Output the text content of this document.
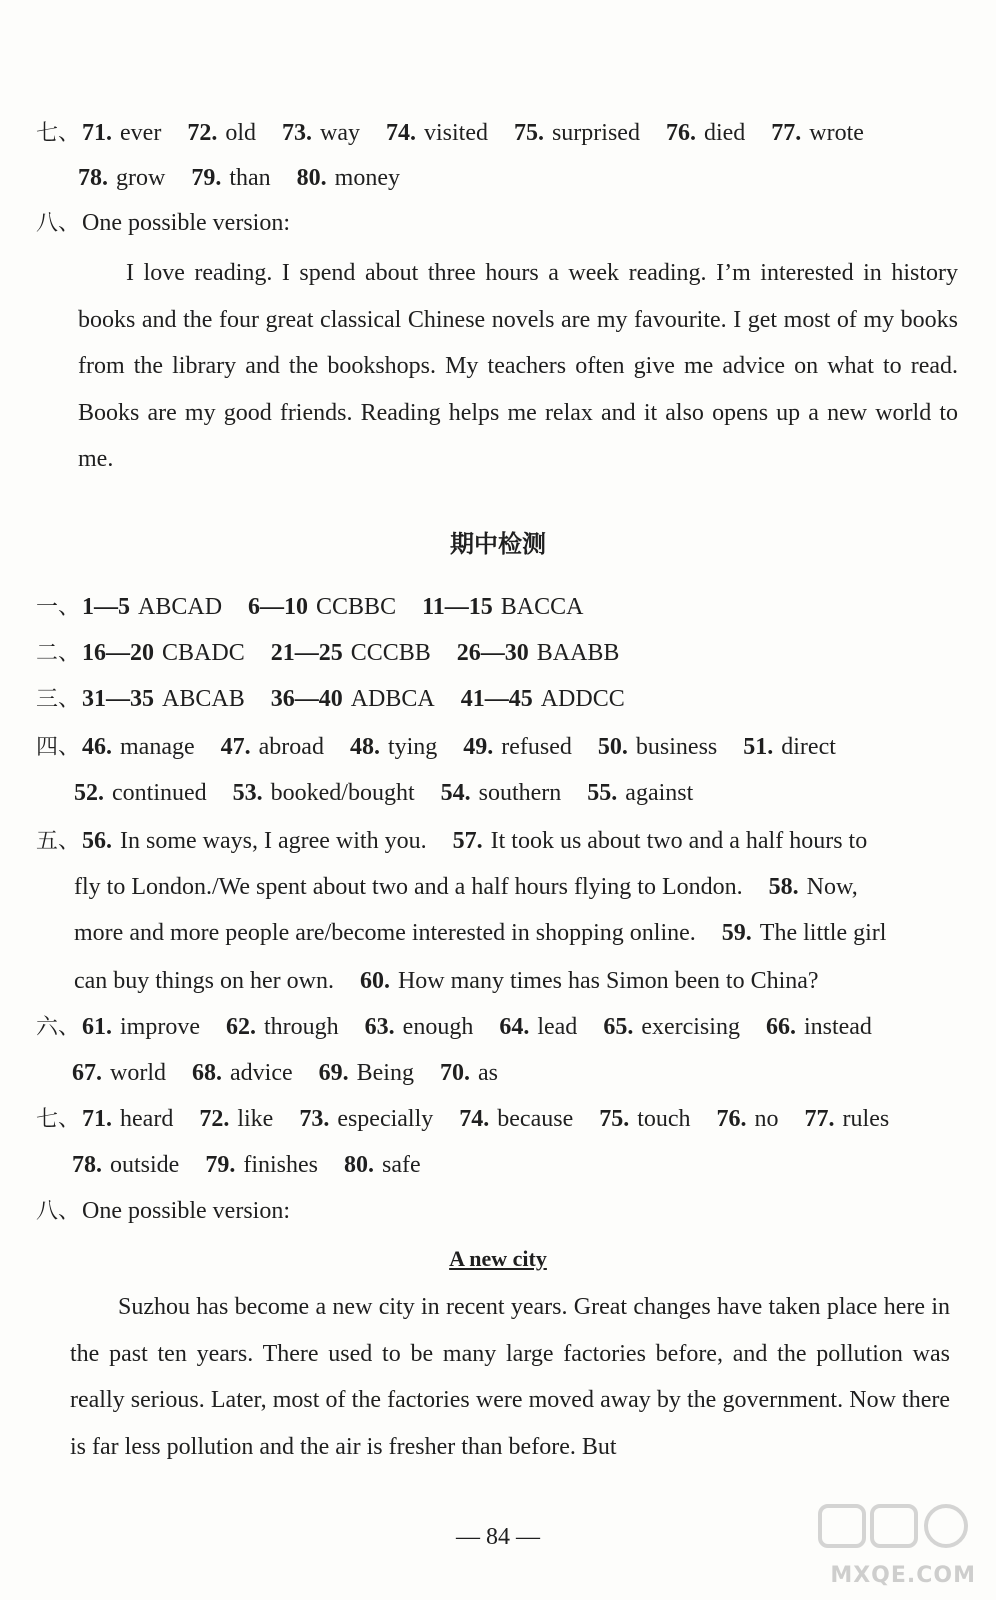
七、71. ever 72. old 73. way 74. visited 75. surprised 76. died 77. wrote
78. grow 79. than 80. money
八、One possible version:
I love reading. I spend about three hours a week reading. I’m interested in history books and the four great classical Chinese novels are my favourite. I get most of my books from the library and the bookshops. My teachers often give me advice on what to read. Books are my good friends. Reading helps me relax and it also opens up a new world to me.
期中检测
一、1—5 ABCAD 6—10 CCBBC 11—15 BACCA
二、16—20 CBADC 21—25 CCCBB 26—30 BAABB
三、31—35 ABCAB 36—40 ADBCA 41—45 ADDCC
四、46. manage 47. abroad 48. tying 49. refused 50. business 51. direct
52. continued 53. booked/bought 54. southern 55. against
五、56. In some ways, I agree with you. 57. It took us about two and a half hours to
fly to London./We spent about two and a half hours flying to London. 58. Now,
more and more people are/become interested in shopping online. 59. The little girl
can buy things on her own. 60. How many times has Simon been to China?
六、61. improve 62. through 63. enough 64. lead 65. exercising 66. instead
67. world 68. advice 69. Being 70. as
七、71. heard 72. like 73. especially 74. because 75. touch 76. no 77. rules
78. outside 79. finishes 80. safe
八、One possible version:
A new city
Suzhou has become a new city in recent years. Great changes have taken place here in the past ten years. There used to be many large factories before, and the pollution was really serious. Later, most of the factories were moved away by the government. Now there is far less pollution and the air is fresher than before. But
— 84 —
MXQE.COM
